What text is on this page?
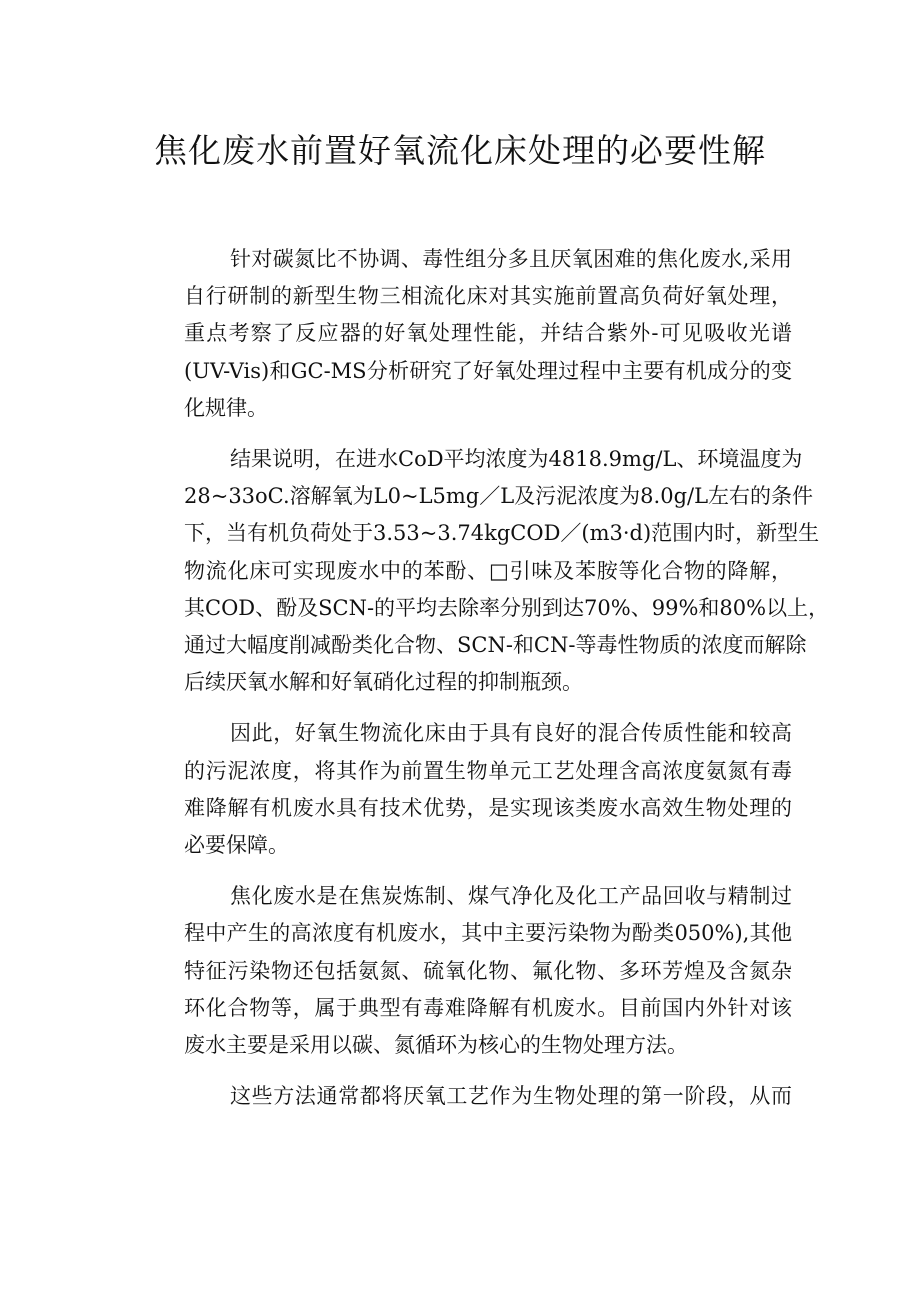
焦化废水前置好氧流化床处理的必要性解
针对碳氮比不协调、毒性组分多且厌氧困难的焦化废水,采用
自行研制的新型生物三相流化床对其实施前置高负荷好氧处理，
重点考察了反应器的好氧处理性能，并结合紫外-可见吸收光谱
(UV-Vis)和GC-MS分析研究了好氧处理过程中主要有机成分的变
化规律。
结果说明，在进水CoD平均浓度为4818.9mg/L、环境温度为
28~33oC.溶解氧为L0~L5mg／L及污泥浓度为8.0g/L左右的条件
下，当有机负荷处于3.53~3.74kgCOD／(m3·d)范围内时，新型生
物流化床可实现废水中的苯酚、□引味及苯胺等化合物的降解，
其COD、酚及SCN-的平均去除率分别到达70%、99%和80%以上，
通过大幅度削减酚类化合物、SCN-和CN-等毒性物质的浓度而解除
后续厌氧水解和好氧硝化过程的抑制瓶颈。
因此，好氧生物流化床由于具有良好的混合传质性能和较高
的污泥浓度，将其作为前置生物单元工艺处理含高浓度氨氮有毒
难降解有机废水具有技术优势，是实现该类废水高效生物处理的
必要保障。
焦化废水是在焦炭炼制、煤气净化及化工产品回收与精制过
程中产生的高浓度有机废水，其中主要污染物为酚类050%),其他
特征污染物还包括氨氮、硫氧化物、氟化物、多环芳煌及含氮杂
环化合物等，属于典型有毒难降解有机废水。目前国内外针对该
废水主要是采用以碳、氮循环为核心的生物处理方法。
这些方法通常都将厌氧工艺作为生物处理的第一阶段，从而
